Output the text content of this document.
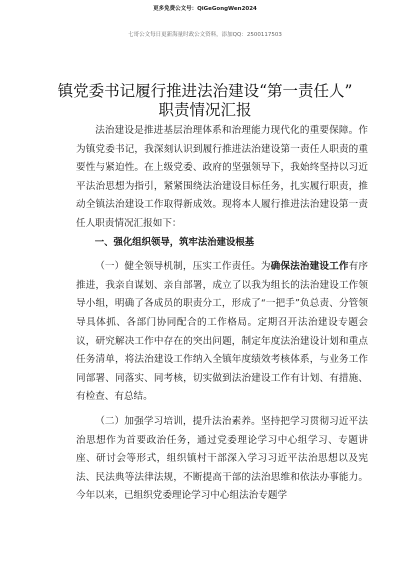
更多免费公文号：QiGeGongWen2024
七哥公文每日更新海量时政公文资料，添加QQ：2500117503
镇党委书记履行推进法治建设“第一责任人”
职责情况汇报

法治建设是推进基层治理体系和治理能力现代化的重要保障。作为镇党委书记，我深刻认识到履行推进法治建设第一责任人职责的重要性与紧迫性。在上级党委、政府的坚强领导下，我始终坚持以习近平法治思想为指引，紧紧围绕法治建设目标任务，扎实履行职责，推动全镇法治建设工作取得新成效。现将本人履行推进法治建设第一责任人职责情况汇报如下：

一、强化组织领导，筑牢法治建设根基

（一）健全领导机制，压实工作责任。为确保法治建设工作有序推进，我亲自谋划、亲自部署，成立了以我为组长的法治建设工作领导小组，明确了各成员的职责分工，形成了“一把手”负总责、分管领导具体抓、各部门协同配合的工作格局。定期召开法治建设专题会议，研究解决工作中存在的突出问题，制定年度法治建设计划和重点任务清单，将法治建设工作纳入全镇年度绩效考核体系，与业务工作同部署、同落实、同考核，切实做到法治建设工作有计划、有措施、有检查、有总结。

（二）加强学习培训，提升法治素养。坚持把学习贯彻习近平法治思想作为首要政治任务，通过党委理论学习中心组学习、专题讲座、研讨会等形式，组织镇村干部深入学习习近平法治思想以及宪法、民法典等法律法规，不断提高干部的法治思维和依法办事能力。今年以来，已组织党委理论学习中心组法治专题学
